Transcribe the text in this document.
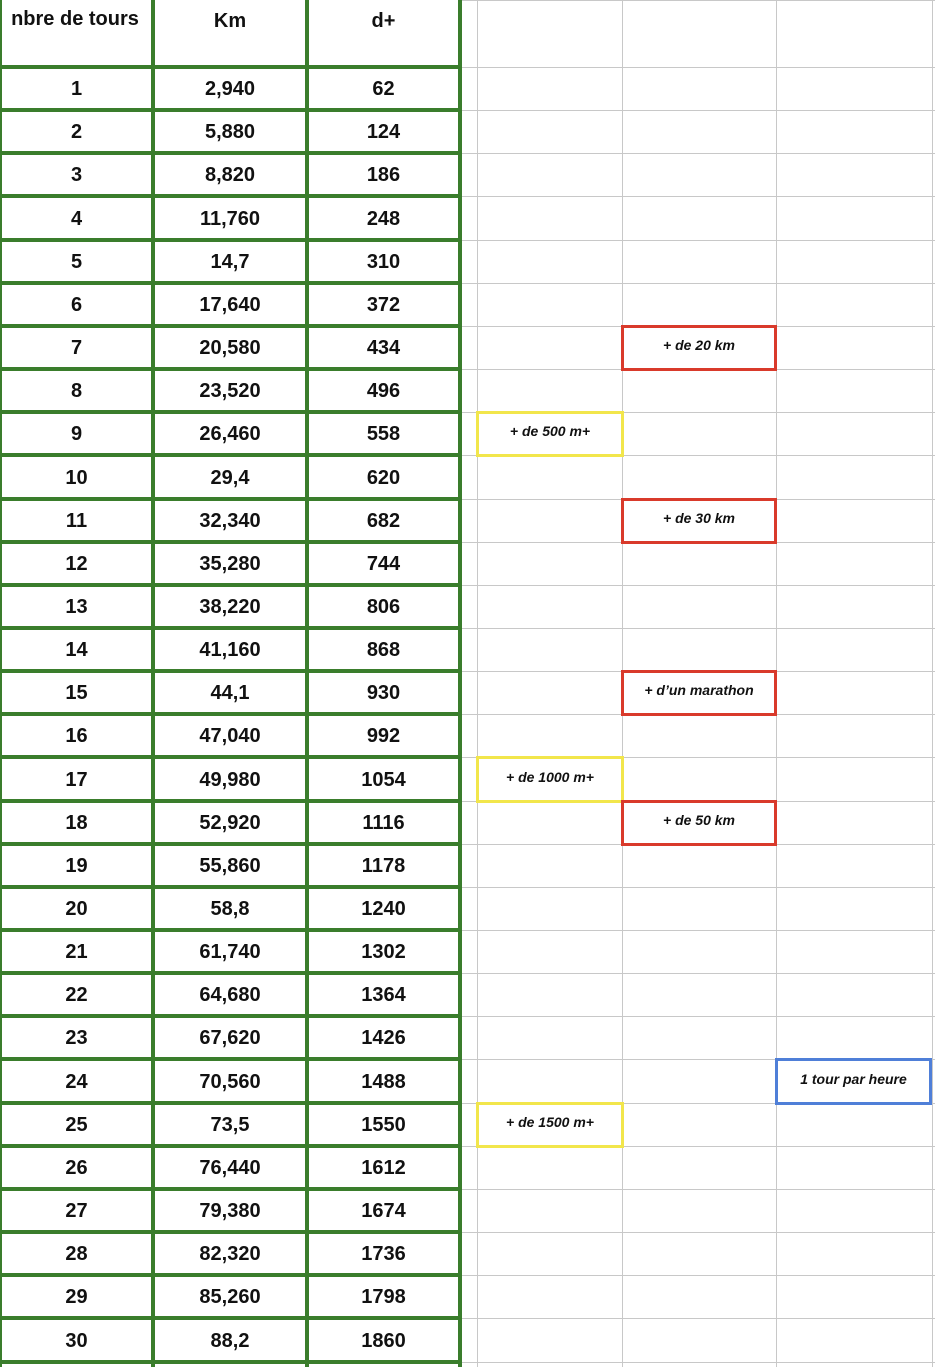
nbre de tours	Km	d+
1	2,940	62
2	5,880	124
3	8,820	186
4	11,760	248
5	14,7	310
6	17,640	372
7	20,580	434
8	23,520	496
9	26,460	558
10	29,4	620
11	32,340	682
12	35,280	744
13	38,220	806
14	41,160	868
15	44,1	930
16	47,040	992
17	49,980	1054
18	52,920	1116
19	55,860	1178
20	58,8	1240
21	61,740	1302
22	64,680	1364
23	67,620	1426
24	70,560	1488
25	73,5	1550
26	76,440	1612
27	79,380	1674
28	82,320	1736
29	85,260	1798
30	88,2	1860
+ de 20 km
+ de 500 m+
+ de 30 km
+ d’un marathon
+ de 1000 m+
+ de 50 km
1 tour par heure
+ de 1500 m+
